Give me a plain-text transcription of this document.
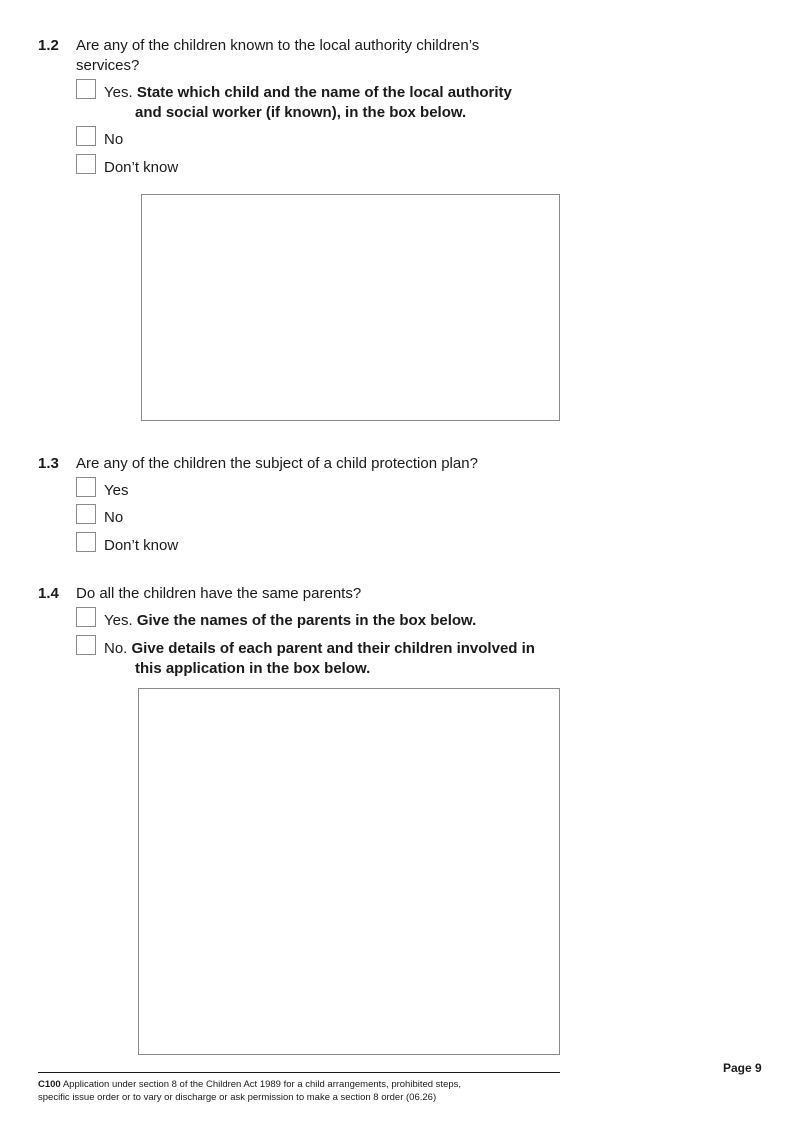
1.2 Are any of the children known to the local authority children’s
services?
Yes. State which child and the name of the local authority
and social worker (if known), in the box below.
No
Don’t know
1.3 Are any of the children the subject of a child protection plan?
Yes
No
Don’t know
1.4 Do all the children have the same parents?
Yes. Give the names of the parents in the box below.
No. Give details of each parent and their children involved in
this application in the box below.
Page 9
C100 Application under section 8 of the Children Act 1989 for a child arrangements, prohibited steps,
specific issue order or to vary or discharge or ask permission to make a section 8 order (06.26)
